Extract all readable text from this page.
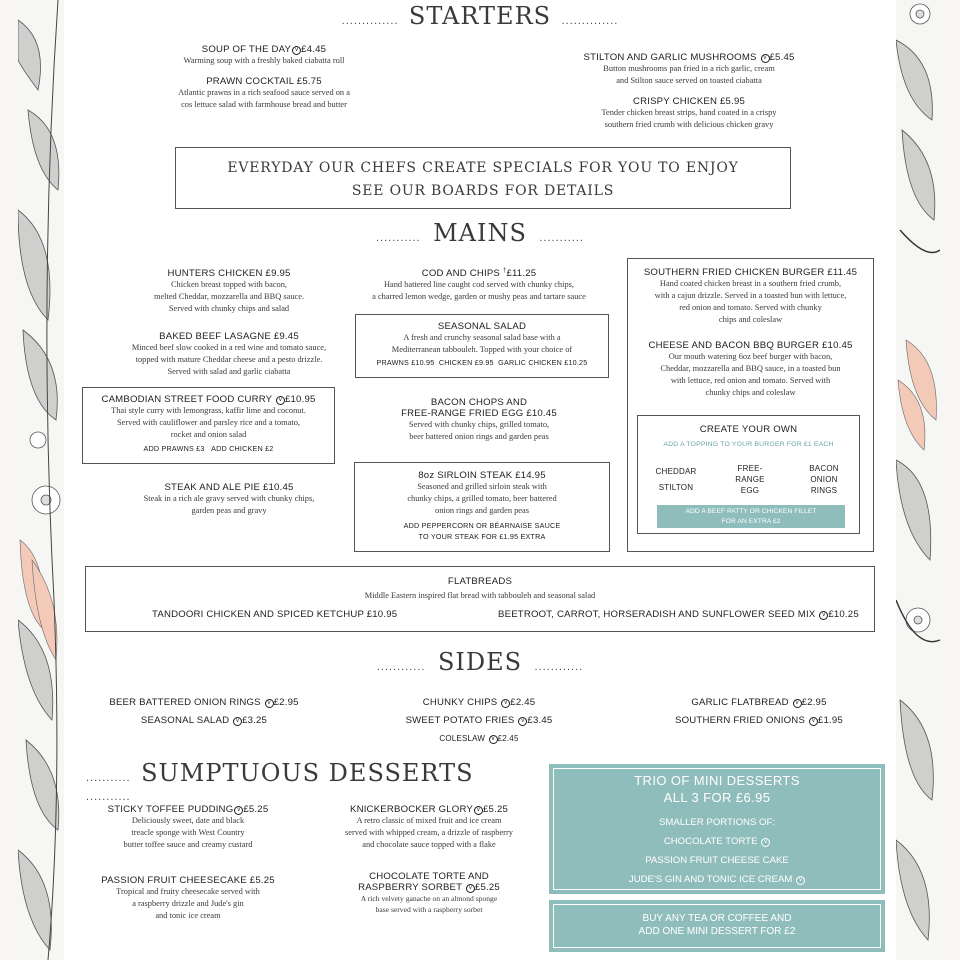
.............. STARTERS ..............
SOUP OF THE DAY v £4.45
Warming soup with a freshly baked ciabatta roll
PRAWN COCKTAIL £5.75
Atlantic prawns in a rich seafood sauce served on a
cos lettuce salad with farmhouse bread and butter
STILTON AND GARLIC MUSHROOMS v £5.45
Button mushrooms pan fried in a rich garlic, cream
and Stilton sauce served on toasted ciabatta
CRISPY CHICKEN £5.95
Tender chicken breast strips, hand coated in a crispy
southern fried crumb with delicious chicken gravy
EVERYDAY OUR CHEFS CREATE SPECIALS FOR YOU TO ENJOY
SEE OUR BOARDS FOR DETAILS
........... MAINS ...........
HUNTERS CHICKEN £9.95
Chicken breast topped with bacon,
melted Cheddar, mozzarella and BBQ sauce.
Served with chunky chips and salad
BAKED BEEF LASAGNE £9.45
Minced beef slow cooked in a red wine and tomato sauce,
topped with mature Cheddar cheese and a pesto drizzle.
Served with salad and garlic ciabatta
CAMBODIAN STREET FOOD CURRY v £10.95
Thai style curry with lemongrass, kaffir lime and coconut.
Served with cauliflower and parsley rice and a tomato,
rocket and onion salad
ADD PRAWNS £3 ADD CHICKEN £2
STEAK AND ALE PIE £10.45
Steak in a rich ale gravy served with chunky chips,
garden peas and gravy
COD AND CHIPS †£11.25
Hand battered line caught cod served with chunky chips,
a charred lemon wedge, garden or mushy peas and tartare sauce
SEASONAL SALAD
A fresh and crunchy seasonal salad base with a
Mediterranean tabbouleh. Topped with your choice of
PRAWNS £10.95 CHICKEN £9.95 GARLIC CHICKEN £10.25
BACON CHOPS AND
FREE-RANGE FRIED EGG £10.45
Served with chunky chips, grilled tomato,
beer battered onion rings and garden peas
8oz SIRLOIN STEAK £14.95
Seasoned and grilled sirloin steak with
chunky chips, a grilled tomato, beer battered
onion rings and garden peas
ADD PEPPERCORN OR BÉARNAISE SAUCE
TO YOUR STEAK FOR £1.95 EXTRA
SOUTHERN FRIED CHICKEN BURGER £11.45
Hand coated chicken breast in a southern fried crumb,
with a cajun drizzle. Served in a toasted bun with lettuce,
red onion and tomato. Served with chunky
chips and coleslaw
CHEESE AND BACON BBQ BURGER £10.45
Our mouth watering 6oz beef burger with bacon,
Cheddar, mozzarella and BBQ sauce, in a toasted bun
with lettuce, red onion and tomato. Served with
chunky chips and coleslaw
CREATE YOUR OWN
ADD A TOPPING TO YOUR BURGER FOR £1 EACH
CHEDDAR
STILTON
FREE-
RANGE
EGG
BACON
ONION
RINGS
ADD A BEEF PATTY OR CHICKEN FILLET
FOR AN EXTRA £2
FLATBREADS
Middle Eastern inspired flat bread with tabbouleh and seasonal salad
TANDOORI CHICKEN AND SPICED KETCHUP £10.95	BEETROOT, CARROT, HORSERADISH AND SUNFLOWER SEED MIX v £10.25
............ SIDES ............
BEER BATTERED ONION RINGS v £2.95
SEASONAL SALAD v £3.25
CHUNKY CHIPS v £2.45
SWEET POTATO FRIES v £3.45
COLESLAW v £2.45
GARLIC FLATBREAD v £2.95
SOUTHERN FRIED ONIONS v £1.95
........... SUMPTUOUS DESSERTS ...........
STICKY TOFFEE PUDDING v £5.25
Deliciously sweet, date and black
treacle sponge with West Country
butter toffee sauce and creamy custard
PASSION FRUIT CHEESECAKE £5.25
Tropical and fruity cheesecake served with
a raspberry drizzle and Jude's gin
and tonic ice cream
KNICKERBOCKER GLORY v £5.25
A retro classic of mixed fruit and ice cream
served with whipped cream, a drizzle of raspberry
and chocolate sauce topped with a flake
CHOCOLATE TORTE AND
RASPBERRY SORBET v £5.25
A rich velvety ganache on an almond sponge
base served with a raspberry sorbet
TRIO OF MINI DESSERTS
ALL 3 FOR £6.95
SMALLER PORTIONS OF:
CHOCOLATE TORTE v
PASSION FRUIT CHEESE CAKE
JUDE'S GIN AND TONIC ICE CREAM v
BUY ANY TEA OR COFFEE AND
ADD ONE MINI DESSERT FOR £2
